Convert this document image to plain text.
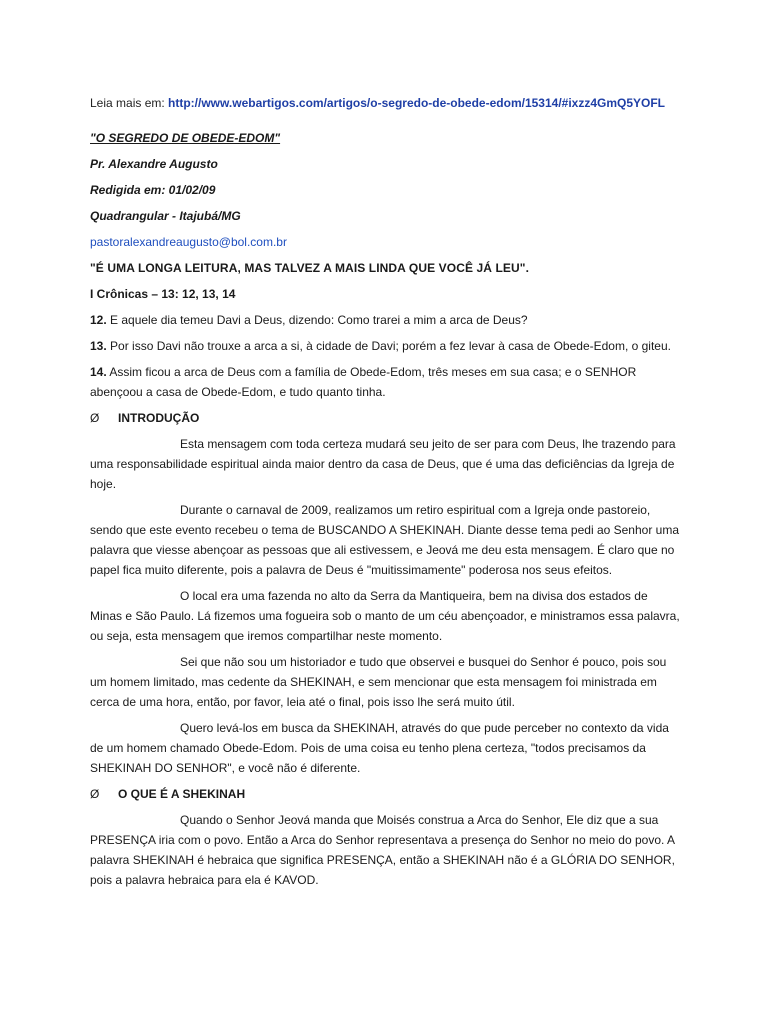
Leia mais em: http://www.webartigos.com/artigos/o-segredo-de-obede-edom/15314/#ixzz4GmQ5YOFL
"O SEGREDO DE OBEDE-EDOM"
Pr. Alexandre Augusto
Redigida em: 01/02/09
Quadrangular - Itajubá/MG
pastoralexandreaugusto@bol.com.br
"É UMA LONGA LEITURA, MAS TALVEZ A MAIS LINDA QUE VOCÊ JÁ LEU".
I Crônicas – 13: 12, 13, 14
12. E aquele dia temeu Davi a Deus, dizendo: Como trarei a mim a arca de Deus?
13. Por isso Davi não trouxe a arca a si, à cidade de Davi; porém a fez levar à casa de Obede-Edom, o giteu.
14. Assim ficou a arca de Deus com a família de Obede-Edom, três meses em sua casa; e o SENHOR abençoou a casa de Obede-Edom, e tudo quanto tinha.
Ø	INTRODUÇÃO

Esta mensagem com toda certeza mudará seu jeito de ser para com Deus, lhe trazendo para uma responsabilidade espiritual ainda maior dentro da casa de Deus, que é uma das deficiências da Igreja de hoje.

Durante o carnaval de 2009, realizamos um retiro espiritual com a Igreja onde pastoreio, sendo que este evento recebeu o tema de BUSCANDO A SHEKINAH. Diante desse tema pedi ao Senhor uma palavra que viesse abençoar as pessoas que ali estivessem, e Jeová me deu esta mensagem. É claro que no papel fica muito diferente, pois a palavra de Deus é "muitissimamente" poderosa nos seus efeitos.

O local era uma fazenda no alto da Serra da Mantiqueira, bem na divisa dos estados de Minas e São Paulo. Lá fizemos uma fogueira sob o manto de um céu abençoador, e ministramos essa palavra, ou seja, esta mensagem que iremos compartilhar neste momento.

Sei que não sou um historiador e tudo que observei e busquei do Senhor é pouco, pois sou um homem limitado, mas cedente da SHEKINAH, e sem mencionar que esta mensagem foi ministrada em cerca de uma hora, então, por favor, leia até o final, pois isso lhe será muito útil.

Quero levá-los em busca da SHEKINAH, através do que pude perceber no contexto da vida de um homem chamado Obede-Edom. Pois de uma coisa eu tenho plena certeza, "todos precisamos da SHEKINAH DO SENHOR", e você não é diferente.

Ø	O QUE É A SHEKINAH

Quando o Senhor Jeová manda que Moisés construa a Arca do Senhor, Ele diz que a sua PRESENÇA iria com o povo. Então a Arca do Senhor representava a presença do Senhor no meio do povo. A palavra SHEKINAH é hebraica que significa PRESENÇA, então a SHEKINAH não é a GLÓRIA DO SENHOR, pois a palavra hebraica para ela é KAVOD.
